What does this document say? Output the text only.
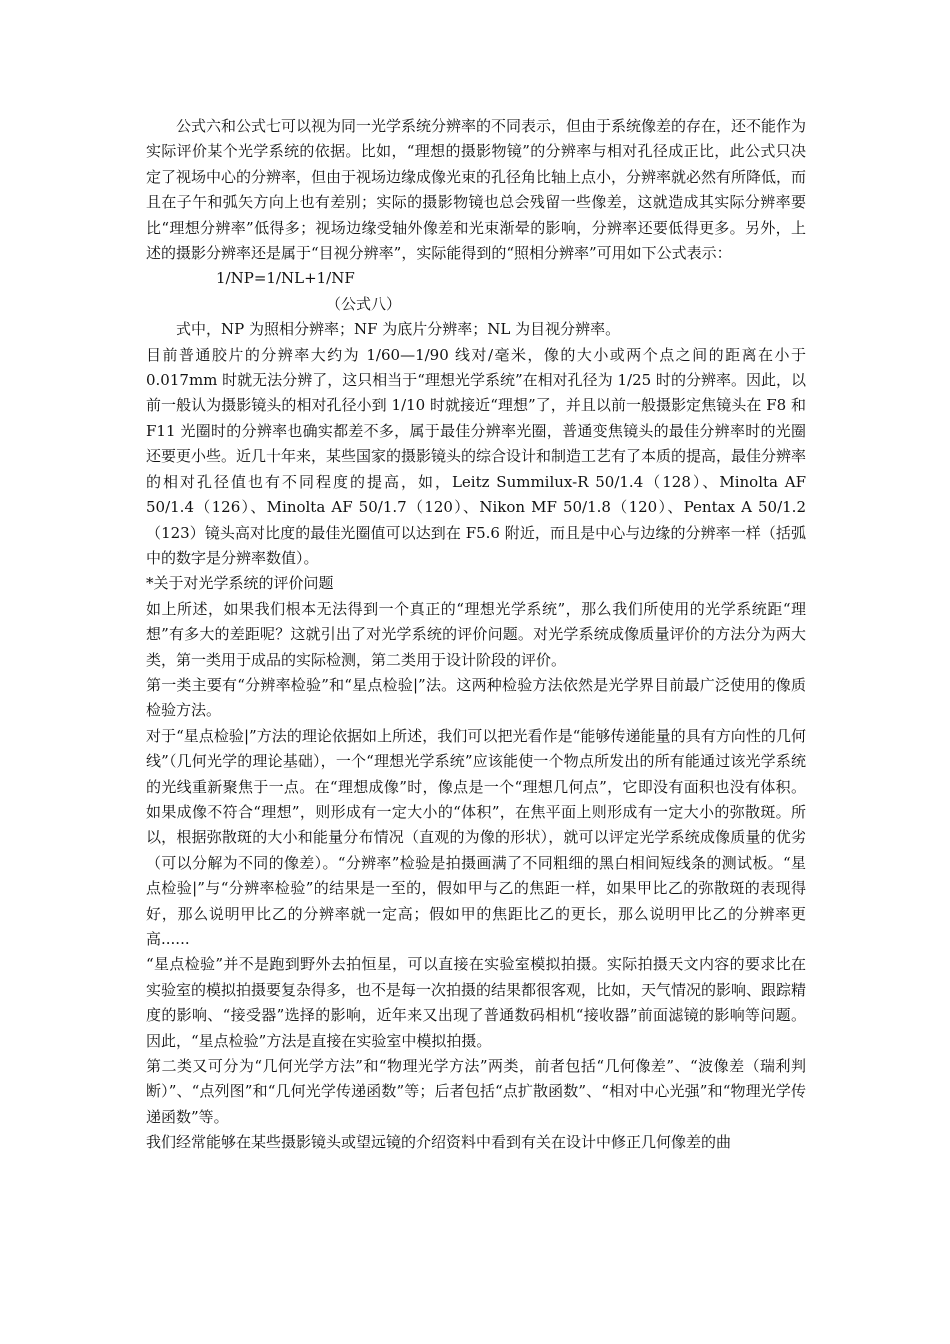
公式六和公式七可以视为同一光学系统分辨率的不同表示，但由于系统像差的存在，还不能作为实际评价某个光学系统的依据。比如，“理想的摄影物镜”的分辨率与相对孔径成正比，此公式只决定了视场中心的分辨率，但由于视场边缘成像光束的孔径角比轴上点小，分辨率就必然有所降低，而且在子午和弧矢方向上也有差别；实际的摄影物镜也总会残留一些像差，这就造成其实际分辨率要比“理想分辨率”低得多；视场边缘受轴外像差和光束渐晕的影响，分辨率还要低得更多。另外，上述的摄影分辨率还是属于“目视分辨率”，实际能得到的“照相分辨率”可用如下公式表示：

1/NP=1/NL+1/NF

（公式八）

式中，NP 为照相分辨率；NF 为底片分辨率；NL 为目视分辨率。

目前普通胶片的分辨率大约为 1/60—1/90 线对/毫米，像的大小或两个点之间的距离在小于 0.017mm 时就无法分辨了，这只相当于“理想光学系统”在相对孔径为 1/25 时的分辨率。因此，以前一般认为摄影镜头的相对孔径小到 1/10 时就接近“理想”了，并且以前一般摄影定焦镜头在 F8 和 F11 光圈时的分辨率也确实都差不多，属于最佳分辨率光圈，普通变焦镜头的最佳分辨率时的光圈还要更小些。近几十年来，某些国家的摄影镜头的综合设计和制造工艺有了本质的提高，最佳分辨率的相对孔径值也有不同程度的提高，如，Leitz Summilux-R 50/1.4（128）、Minolta AF 50/1.4（126）、Minolta AF 50/1.7（120）、Nikon MF 50/1.8（120）、Pentax A 50/1.2（123）镜头高对比度的最佳光圈值可以达到在 F5.6 附近，而且是中心与边缘的分辨率一样（括弧中的数字是分辨率数值）。

*关于对光学系统的评价问题

如上所述，如果我们根本无法得到一个真正的“理想光学系统”，那么我们所使用的光学系统距“理想”有多大的差距呢？这就引出了对光学系统的评价问题。对光学系统成像质量评价的方法分为两大类，第一类用于成品的实际检测，第二类用于设计阶段的评价。

第一类主要有“分辨率检验”和“星点检验|”法。这两种检验方法依然是光学界目前最广泛使用的像质检验方法。

对于“星点检验|”方法的理论依据如上所述，我们可以把光看作是“能够传递能量的具有方向性的几何线”（几何光学的理论基础），一个“理想光学系统”应该能使一个物点所发出的所有能通过该光学系统的光线重新聚焦于一点。在“理想成像”时，像点是一个“理想几何点”，它即没有面积也没有体积。如果成像不符合“理想”，则形成有一定大小的“体积”，在焦平面上则形成有一定大小的弥散斑。所以，根据弥散斑的大小和能量分布情况（直观的为像的形状），就可以评定光学系统成像质量的优劣（可以分解为不同的像差）。“分辨率”检验是拍摄画满了不同粗细的黑白相间短线条的测试板。“星点检验|”与“分辨率检验”的结果是一至的，假如甲与乙的焦距一样，如果甲比乙的弥散斑的表现得好，那么说明甲比乙的分辨率就一定高；假如甲的焦距比乙的更长，那么说明甲比乙的分辨率更高......

“星点检验”并不是跑到野外去拍恒星，可以直接在实验室模拟拍摄。实际拍摄天文内容的要求比在实验室的模拟拍摄要复杂得多，也不是每一次拍摄的结果都很客观，比如，天气情况的影响、跟踪精度的影响、“接受器”选择的影响，近年来又出现了普通数码相机“接收器”前面滤镜的影响等问题。因此，“星点检验”方法是直接在实验室中模拟拍摄。

第二类又可分为“几何光学方法”和“物理光学方法”两类，前者包括“几何像差”、“波像差（瑞利判断）”、“点列图”和“几何光学传递函数”等；后者包括“点扩散函数”、“相对中心光强”和“物理光学传递函数”等。

我们经常能够在某些摄影镜头或望远镜的介绍资料中看到有关在设计中修正几何像差的曲
